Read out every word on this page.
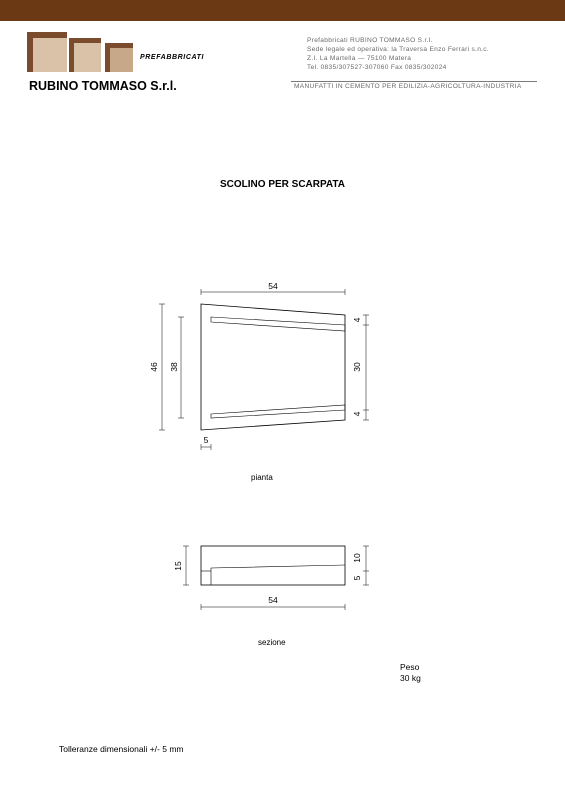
PREFABBRICATI
RUBINO TOMMASO S.r.l.
Prefabbricati RUBINO TOMMASO S.r.l.
Sede legale ed operativa: la Traversa Enzo Ferrari s.n.c.
Z.I. La Martella — 75100 Matera
Tel. 0835/307527-307060 Fax 0835/302024
MANUFATTI IN CEMENTO PER EDILIZIA-AGRICOLTURA-INDUSTRIA
SCOLINO PER SCARPATA
54
46 38
4
30
4
5
15
10
5
54
pianta
sezione
Peso
30 kg
Tolleranze dimensionali +/- 5 mm
